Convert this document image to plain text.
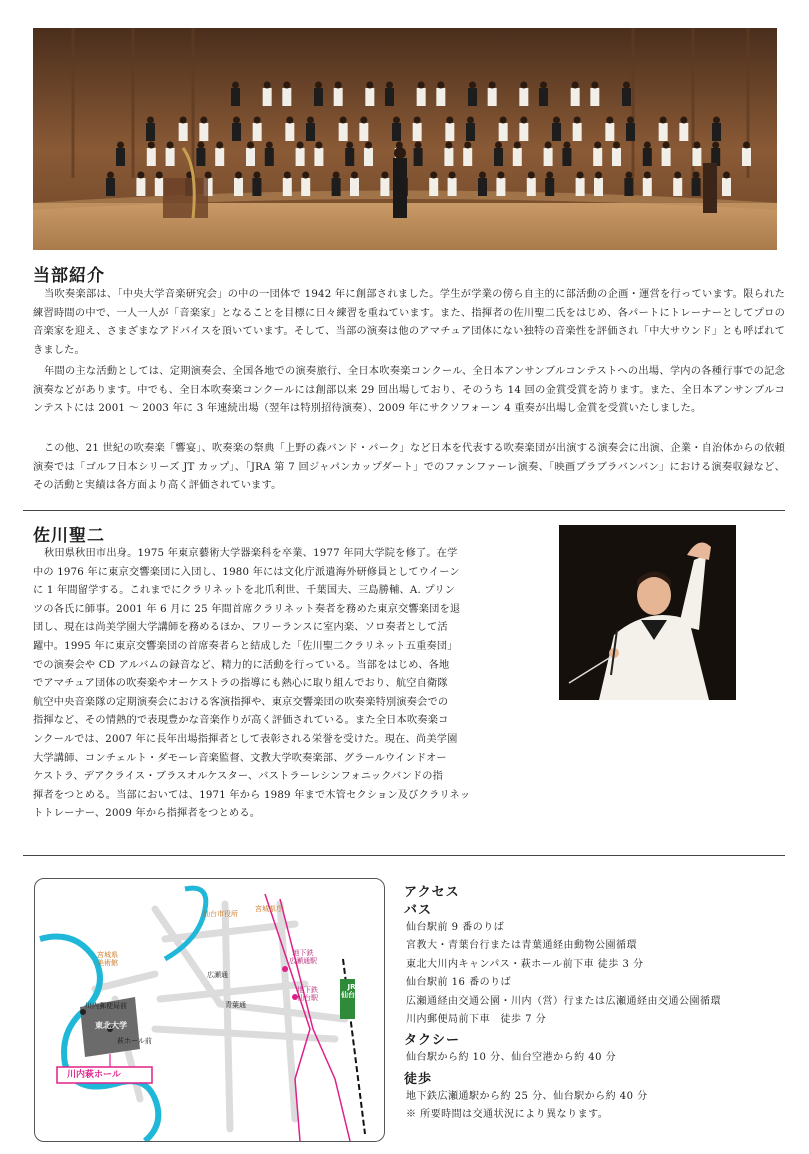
当部紹介

当吹奏楽部は、「中央大学音楽研究会」の中の一団体で 1942 年に創部されました。学生が学業の傍ら自主的に部活動の企画・運営を行っています。限られた練習時間の中で、一人一人が「音楽家」となることを目標に日々練習を重ねています。また、指揮者の佐川聖二氏をはじめ、各パートにトレーナーとしてプロの音楽家を迎え、さまざまなアドバイスを頂いています。そして、当部の演奏は他のアマチュア団体にない独特の音楽性を評価され「中大サウンド」とも呼ばれてきました。

年間の主な活動としては、定期演奏会、全国各地での演奏旅行、全日本吹奏楽コンクール、全日本アンサンブルコンテストへの出場、学内の各種行事での記念演奏などがあります。中でも、全日本吹奏楽コンクールには創部以来 29 回出場しており、そのうち 14 回の金賞受賞を誇ります。また、全日本アンサンブルコンテストには 2001 ～ 2003 年に 3 年連続出場（翌年は特別招待演奏）、2009 年にサクソフォーン 4 重奏が出場し金賞を受賞いたしました。

この他、21 世紀の吹奏楽「響宴」、吹奏楽の祭典「上野の森バンド・パーク」など日本を代表する吹奏楽団が出演する演奏会に出演、企業・自治体からの依頼演奏では「ゴルフ日本シリーズ JT カップ」、「JRA 第 7 回ジャパンカップダート」でのファンファーレ演奏、「映画ブラブラバンバン」における演奏収録など、その活動と実績は各方面より高く評価されています。

佐川聖二

秋田県秋田市出身。1975 年東京藝術大学器楽科を卒業、1977 年同大学院を修了。在学

中の 1976 年に東京交響楽団に入団し、1980 年には文化庁派遣海外研修員としてウイーン

に 1 年間留学する。これまでにクラリネットを北爪利世、千葉国夫、三島勝輔、A. プリン

ツの各氏に師事。2001 年 6 月に 25 年間首席クラリネット奏者を務めた東京交響楽団を退

団し、現在は尚美学園大学講師を務めるほか、フリーランスに室内楽、ソロ奏者として活

躍中。1995 年に東京交響楽団の首席奏者らと結成した「佐川聖二クラリネット五重奏団」

での演奏会や CD アルバムの録音など、精力的に活動を行っている。当部をはじめ、各地

でアマチュア団体の吹奏楽やオーケストラの指導にも熱心に取り組んでおり、航空自衛隊

航空中央音楽隊の定期演奏会における客演指揮や、東京交響楽団の吹奏楽特別演奏会での

指揮など、その情熱的で表現豊かな音楽作りが高く評価されている。また全日本吹奏楽コ

ンクールでは、2007 年に長年出場指揮者として表彰される栄誉を受けた。現在、尚美学園

大学講師、コンチェルト・ダモーレ音楽監督、文教大学吹奏楽部、グラールウインドオー

ケストラ、デアクライス・ブラスオルケスター、バストラーレシンフォニックバンドの指

揮者をつとめる。当部においては、1971 年から 1989 年まで木管セクション及びクラリネッ

トトレーナー、2009 年から指揮者をつとめる。

仙台市役所
宮城県庁
宮城県
美術館
川内郵便局前
東北大学
萩ホール前
広瀬通
青葉通
地下鉄
広瀬通駅
地下鉄
仙台駅
JR
仙台駅
川内萩ホール

アクセス

バス

仙台駅前 9 番のりば

宮教大・青葉台行または青葉通経由動物公園循環

東北大川内キャンパス・萩ホール前下車 徒歩 3 分

仙台駅前 16 番のりば

広瀬通経由交通公園・川内（営）行または広瀬通経由交通公園循環

川内郵便局前下車　徒歩 7 分

タクシー

仙台駅から約 10 分、仙台空港から約 40 分

徒歩

地下鉄広瀬通駅から約 25 分、仙台駅から約 40 分

※ 所要時間は交通状況により異なります。
